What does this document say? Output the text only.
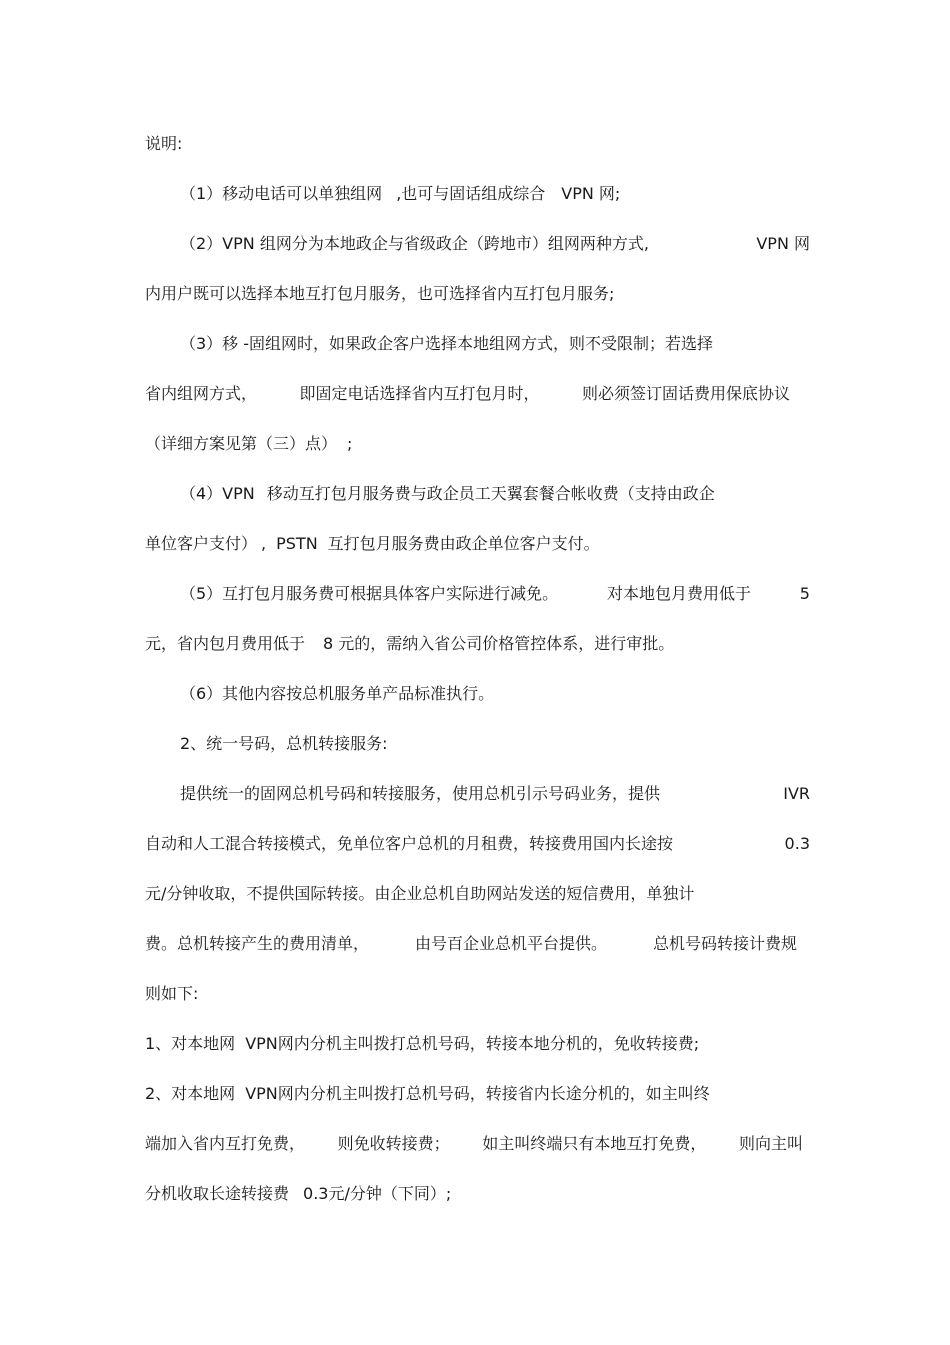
说明:
（1）移动电话可以单独组网 ,也可与固话组成综合 VPN 网;
（2）VPN 组网分为本地政企与省级政企（跨地市）组网两种方式,	VPN 网
内用户既可以选择本地互打包月服务，也可选择省内互打包月服务;
（3）移 -固组网时，如果政企客户选择本地组网方式，则不受限制；若选择
省内组网方式，	即固定电话选择省内互打包月时，	则必须签订固话费用保底协议
（详细方案见第（三）点） ;
（4）VPN 移动互打包月服务费与政企员工天翼套餐合帐收费（支持由政企
单位客户支付） , PSTN 互打包月服务费由政企单位客户支付。
（5）互打包月服务费可根据具体客户实际进行减免。	对本地包月费用低于	5
元，省内包月费用低于 8 元的，需纳入省公司价格管控体系，进行审批。
（6）其他内容按总机服务单产品标准执行。
2、统一号码，总机转接服务:
提供统一的固网总机号码和转接服务，使用总机引示号码业务，提供	IVR
自动和人工混合转接模式，免单位客户总机的月租费，转接费用国内长途按	0.3
元/分钟收取，不提供国际转接。由企业总机自助网站发送的短信费用，单独计
费。总机转接产生的费用清单，	由号百企业总机平台提供。	总机号码转接计费规
则如下:
1、对本地网 VPN网内分机主叫拨打总机号码，转接本地分机的，免收转接费;
2、对本地网 VPN网内分机主叫拨打总机号码，转接省内长途分机的，如主叫终
端加入省内互打免费， 则免收转接费； 如主叫终端只有本地互打免费， 则向主叫
分机收取长途转接费 0.3元/分钟（下同）;
